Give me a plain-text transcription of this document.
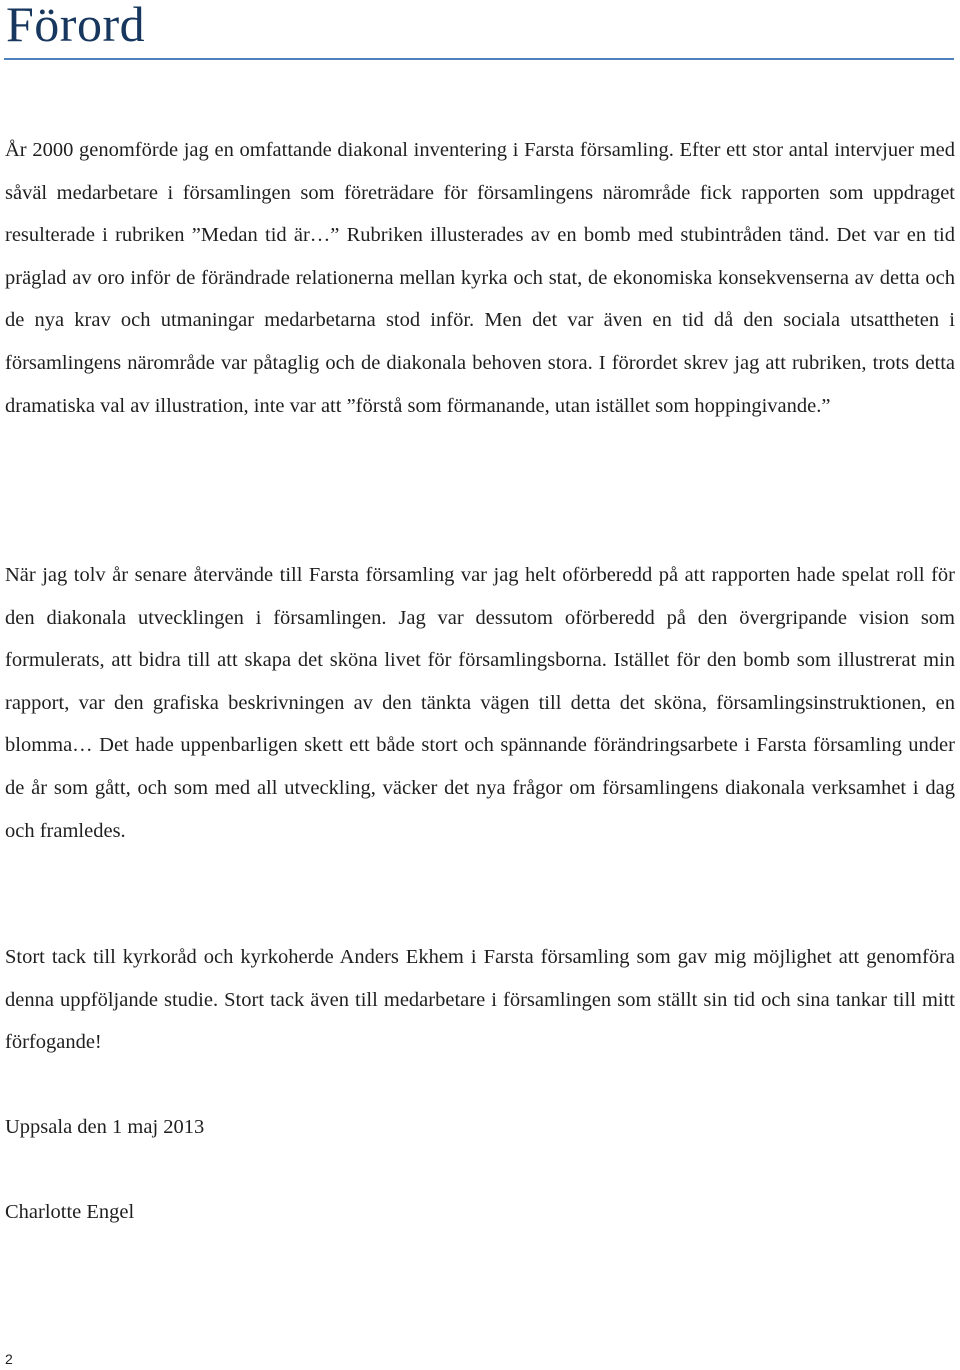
Förord

År 2000 genomförde jag en omfattande diakonal inventering i Farsta församling. Efter ett stor antal intervjuer med såväl medarbetare i församlingen som företrädare för församlingens närområde fick rapporten som uppdraget resulterade i rubriken ”Medan tid är…” Rubriken illusterades av en bomb med stubintråden tänd. Det var en tid präglad av oro inför de förändrade relationerna mellan kyrka och stat, de ekonomiska konsekvenserna av detta och de nya krav och utmaningar medarbetarna stod inför. Men det var även en tid då den sociala utsattheten i församlingens närområde var påtaglig och de diakonala behoven stora. I förordet skrev jag att rubriken, trots detta dramatiska val av illustration, inte var att ”förstå som förmanande, utan istället som hoppingivande.”

När jag tolv år senare återvände till Farsta församling var jag helt oförberedd på att rapporten hade spelat roll för den diakonala utvecklingen i församlingen. Jag var dessutom oförberedd på den övergripande vision som formulerats, att bidra till att skapa det sköna livet för församlingsborna. Istället för den bomb som illustrerat min rapport, var den grafiska beskrivningen av den tänkta vägen till detta det sköna, församlingsinstruktionen, en blomma… Det hade uppenbarligen skett ett både stort och spännande förändringsarbete i Farsta församling under de år som gått, och som med all utveckling, väcker det nya frågor om församlingens diakonala verksamhet i dag och framledes.

Stort tack till kyrkoråd och kyrkoherde Anders Ekhem i Farsta församling som gav mig möjlighet att genomföra denna uppföljande studie. Stort tack även till medarbetare i församlingen som ställt sin tid och sina tankar till mitt förfogande!

Uppsala den 1 maj 2013

Charlotte Engel

2
